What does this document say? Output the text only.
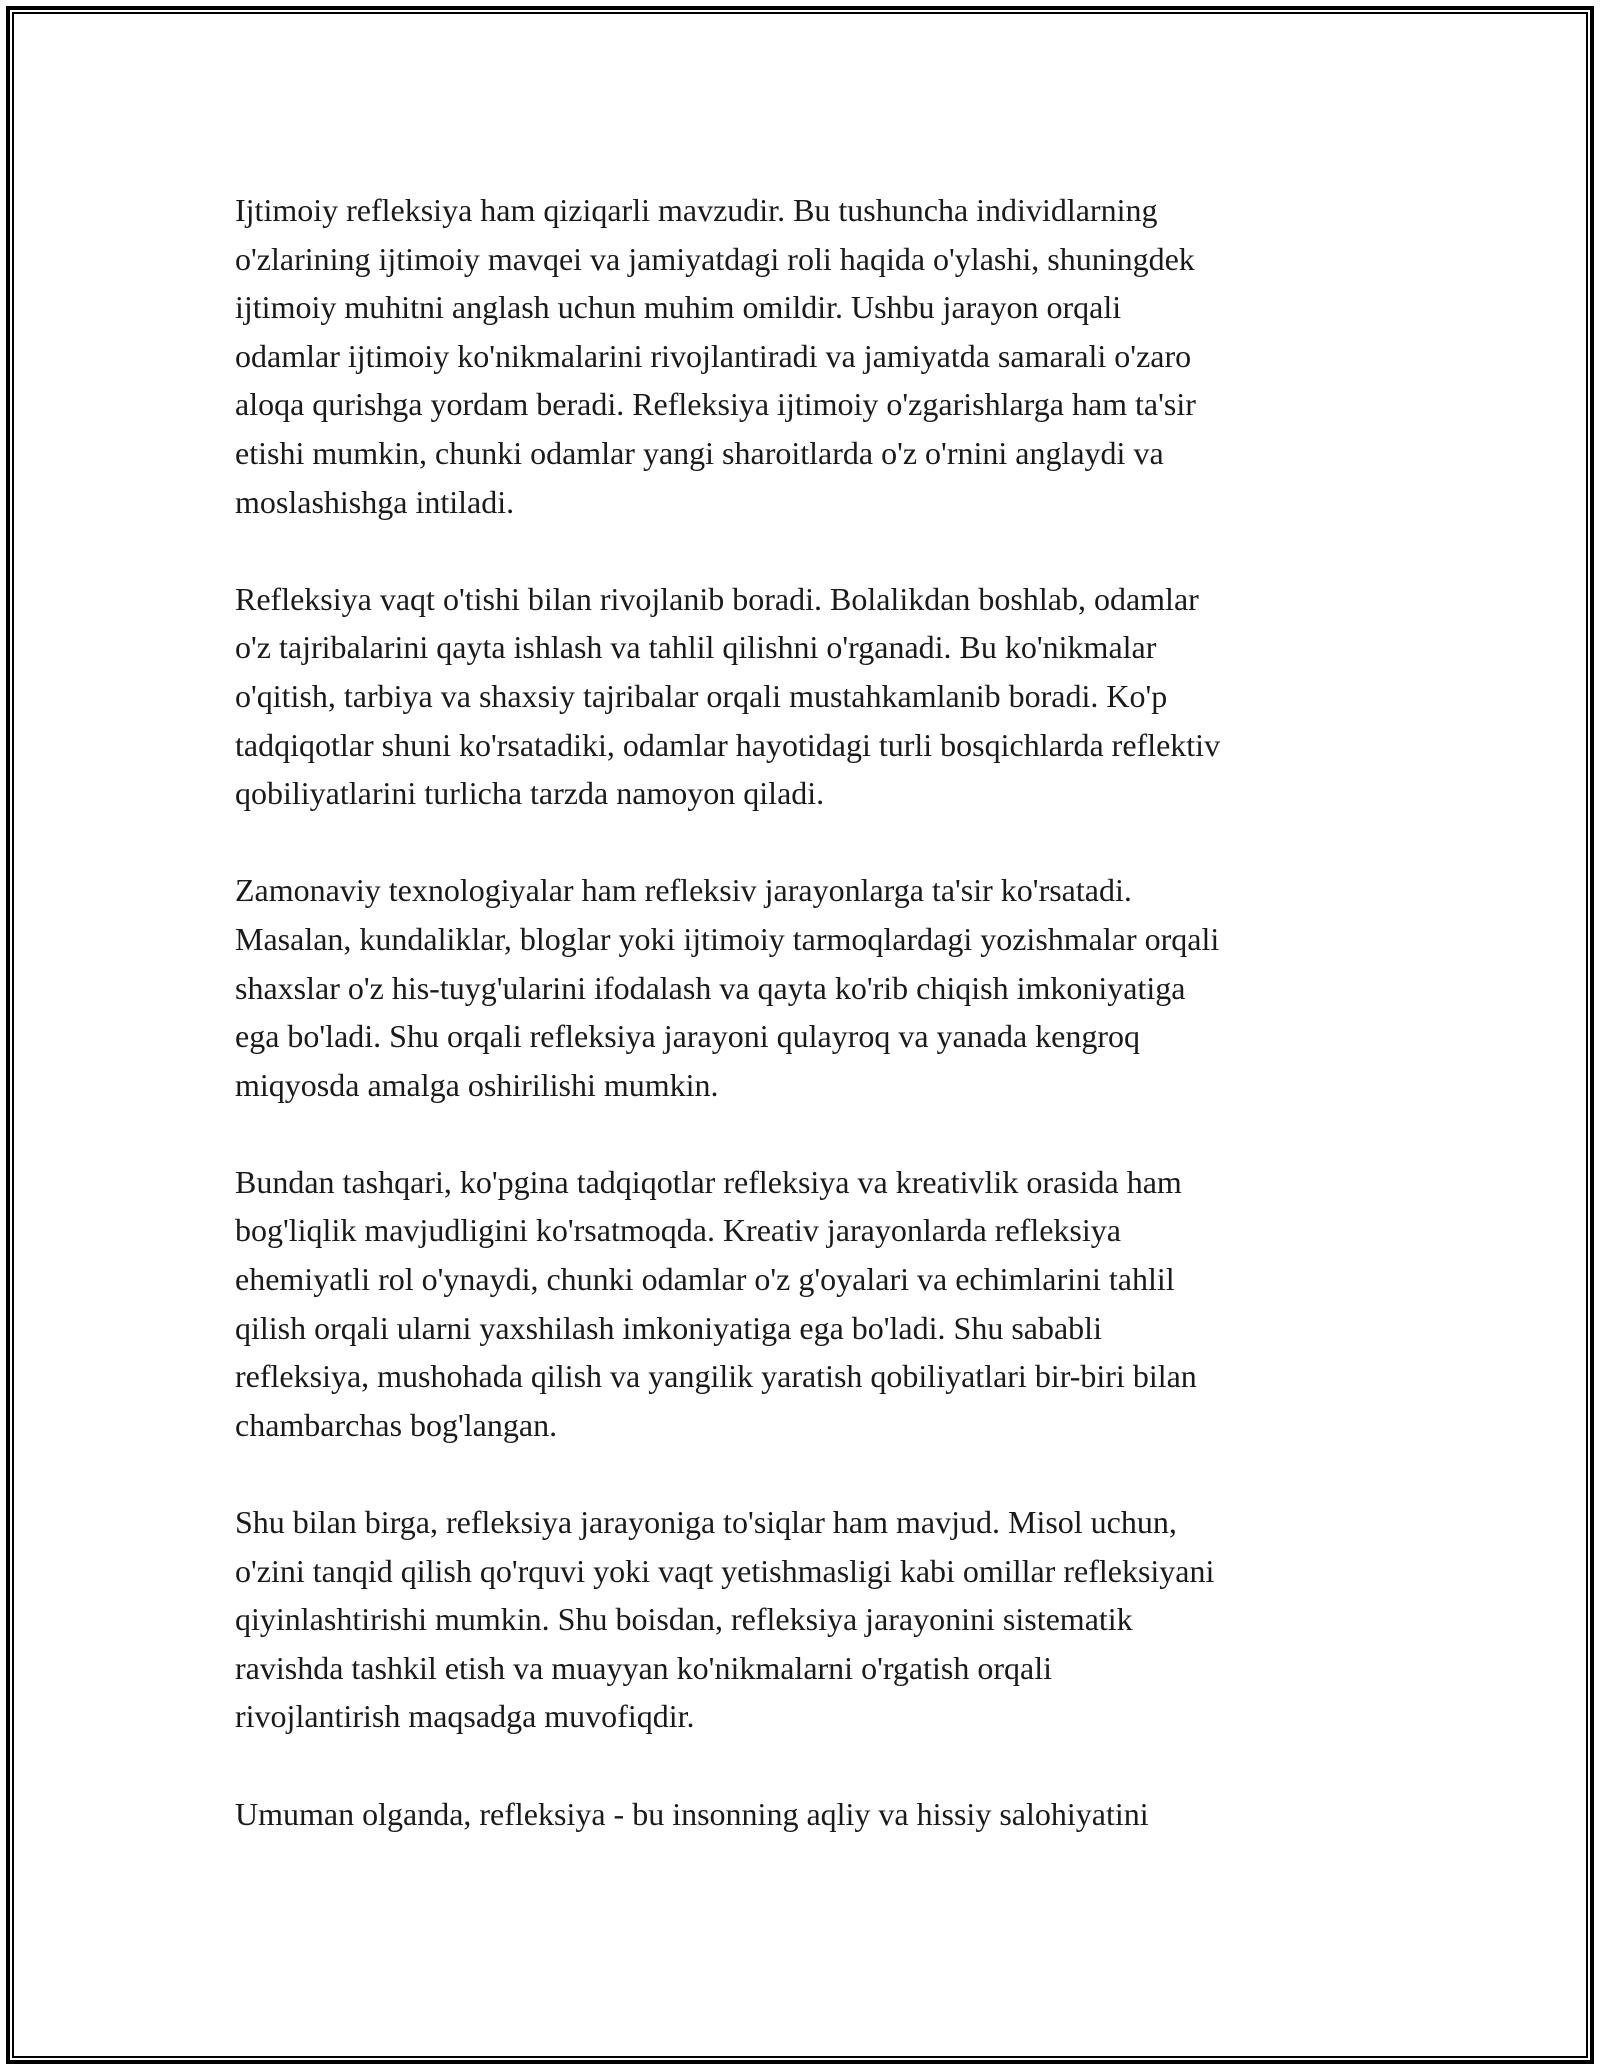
Ijtimoiy refleksiya ham qiziqarli mavzudir. Bu tushuncha individlarning
o'zlarining ijtimoiy mavqei va jamiyatdagi roli haqida o'ylashi, shuningdek
ijtimoiy muhitni anglash uchun muhim omildir. Ushbu jarayon orqali
odamlar ijtimoiy ko'nikmalarini rivojlantiradi va jamiyatda samarali o'zaro
aloqa qurishga yordam beradi. Refleksiya ijtimoiy o'zgarishlarga ham ta'sir
etishi mumkin, chunki odamlar yangi sharoitlarda o'z o'rnini anglaydi va
moslashishga intiladi.

Refleksiya vaqt o'tishi bilan rivojlanib boradi. Bolalikdan boshlab, odamlar
o'z tajribalarini qayta ishlash va tahlil qilishni o'rganadi. Bu ko'nikmalar
o'qitish, tarbiya va shaxsiy tajribalar orqali mustahkamlanib boradi. Ko'p
tadqiqotlar shuni ko'rsatadiki, odamlar hayotidagi turli bosqichlarda reflektiv
qobiliyatlarini turlicha tarzda namoyon qiladi.

Zamonaviy texnologiyalar ham refleksiv jarayonlarga ta'sir ko'rsatadi.
Masalan, kundaliklar, bloglar yoki ijtimoiy tarmoqlardagi yozishmalar orqali
shaxslar o'z his-tuyg'ularini ifodalash va qayta ko'rib chiqish imkoniyatiga
ega bo'ladi. Shu orqali refleksiya jarayoni qulayroq va yanada kengroq
miqyosda amalga oshirilishi mumkin.

Bundan tashqari, ko'pgina tadqiqotlar refleksiya va kreativlik orasida ham
bog'liqlik mavjudligini ko'rsatmoqda. Kreativ jarayonlarda refleksiya
ehemiyatli rol o'ynaydi, chunki odamlar o'z g'oyalari va echimlarini tahlil
qilish orqali ularni yaxshilash imkoniyatiga ega bo'ladi. Shu sababli
refleksiya, mushohada qilish va yangilik yaratish qobiliyatlari bir-biri bilan
chambarchas bog'langan.

Shu bilan birga, refleksiya jarayoniga to'siqlar ham mavjud. Misol uchun,
o'zini tanqid qilish qo'rquvi yoki vaqt yetishmasligi kabi omillar refleksiyani
qiyinlashtirishi mumkin. Shu boisdan, refleksiya jarayonini sistematik
ravishda tashkil etish va muayyan ko'nikmalarni o'rgatish orqali
rivojlantirish maqsadga muvofiqdir.

Umuman olganda, refleksiya - bu insonning aqliy va hissiy salohiyatini
